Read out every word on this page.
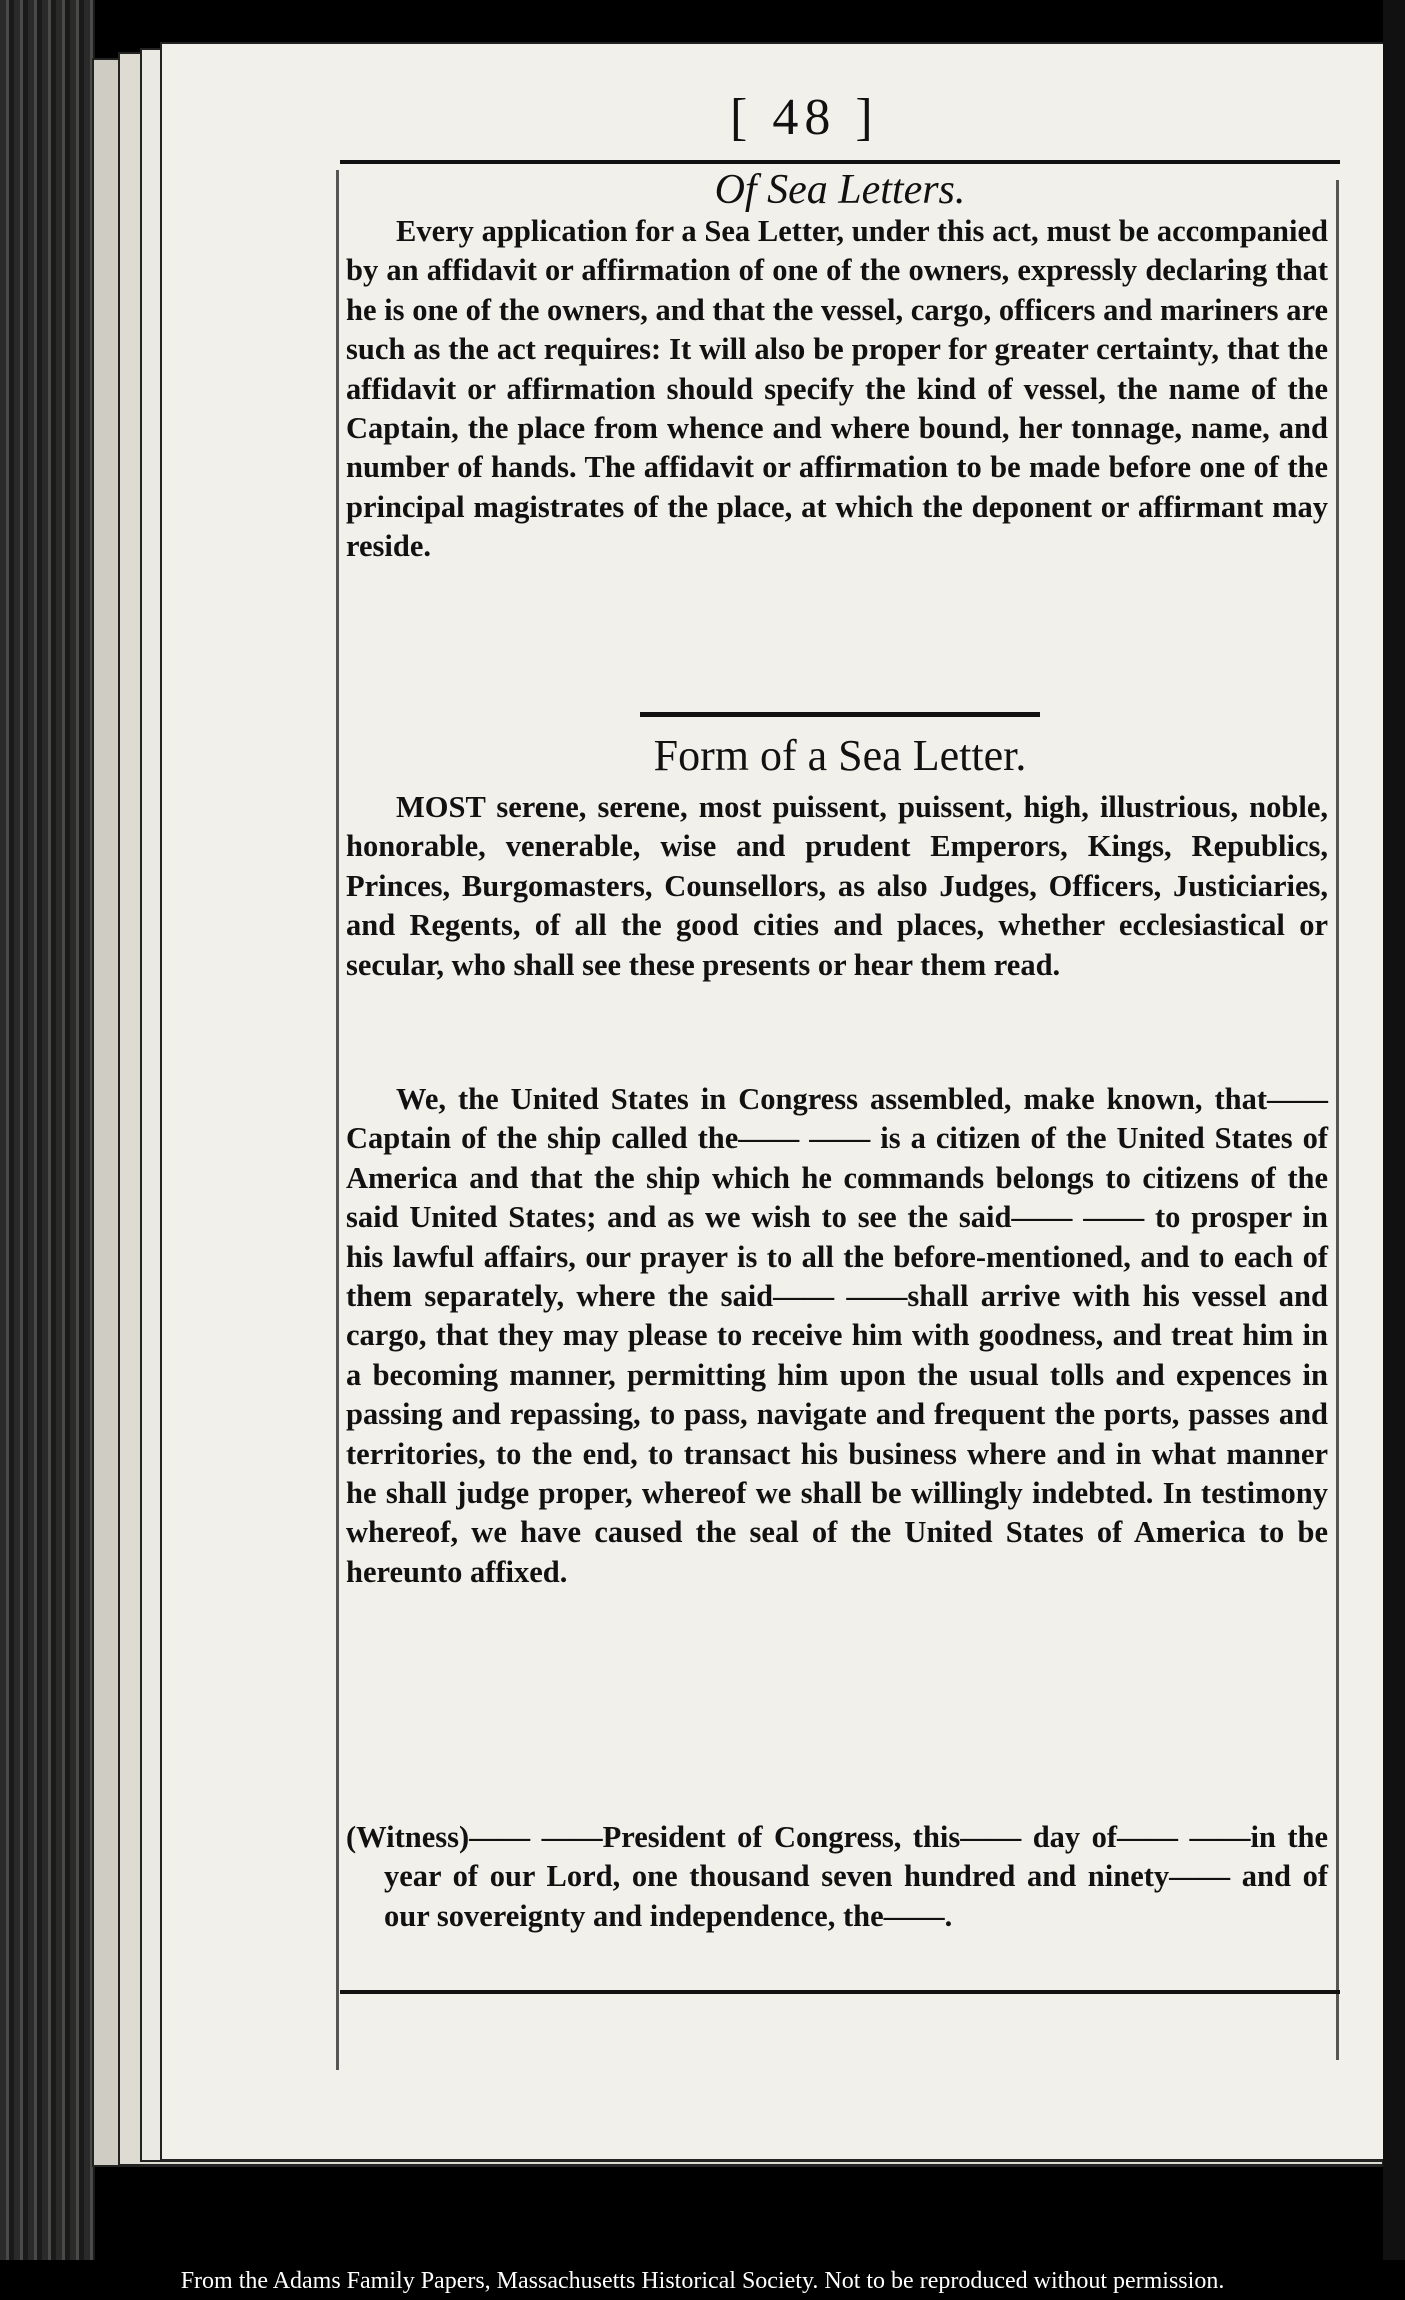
[ 48 ]
Of Sea Letters.
Every application for a Sea Letter, under this act, must be accompanied by an affidavit or affirmation of one of the owners, expressly declaring that he is one of the owners, and that the vessel, cargo, officers and mariners are such as the act requires: It will also be proper for greater certainty, that the affidavit or affirmation should specify the kind of vessel, the name of the Captain, the place from whence and where bound, her tonnage, name, and number of hands. The affidavit or affirmation to be made before one of the principal magistrates of the place, at which the deponent or affirmant may reside.
Form of a Sea Letter.
MOST serene, serene, most puissent, puissent, high, illustrious, noble, honorable, venerable, wise and prudent Emperors, Kings, Republics, Princes, Burgomasters, Counsellors, as also Judges, Officers, Justiciaries, and Regents, of all the good cities and places, whether ecclesiastical or secular, who shall see these presents or hear them read.
We, the United States in Congress assembled, make known, that—— Captain of the ship called the—— —— is a citizen of the United States of America and that the ship which he commands belongs to citizens of the said United States; and as we wish to see the said—— —— to prosper in his lawful affairs, our prayer is to all the before-mentioned, and to each of them separately, where the said—— ——shall arrive with his vessel and cargo, that they may please to receive him with goodness, and treat him in a becoming manner, permitting him upon the usual tolls and expences in passing and repassing, to pass, navigate and frequent the ports, passes and territories, to the end, to transact his business where and in what manner he shall judge proper, whereof we shall be willingly indebted. In testimony whereof, we have caused the seal of the United States of America to be hereunto affixed.
(Witness)—— ——President of Congress, this—— day of—— ——in the year of our Lord, one thousand seven hundred and ninety—— and of our sovereignty and independence, the——.
From the Adams Family Papers, Massachusetts Historical Society. Not to be reproduced without permission.
